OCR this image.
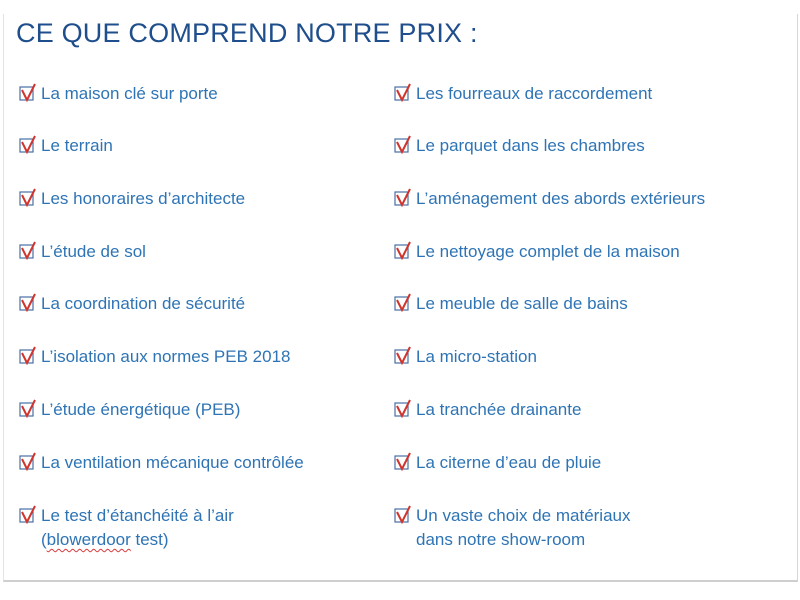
CE QUE COMPREND NOTRE PRIX :
La maison clé sur porte
Le terrain
Les honoraires d’architecte
L’étude de sol
La coordination de sécurité
L’isolation aux normes PEB 2018
L’étude énergétique (PEB)
La ventilation mécanique contrôlée
Le test d’étanchéité à l’air
(blowerdoor test)
Les fourreaux de raccordement
Le parquet dans les chambres
L’aménagement des abords extérieurs
Le nettoyage complet de la maison
Le meuble de salle de bains
La micro-station
La tranchée drainante
La citerne d’eau de pluie
Un vaste choix de matériaux
dans notre show-room
